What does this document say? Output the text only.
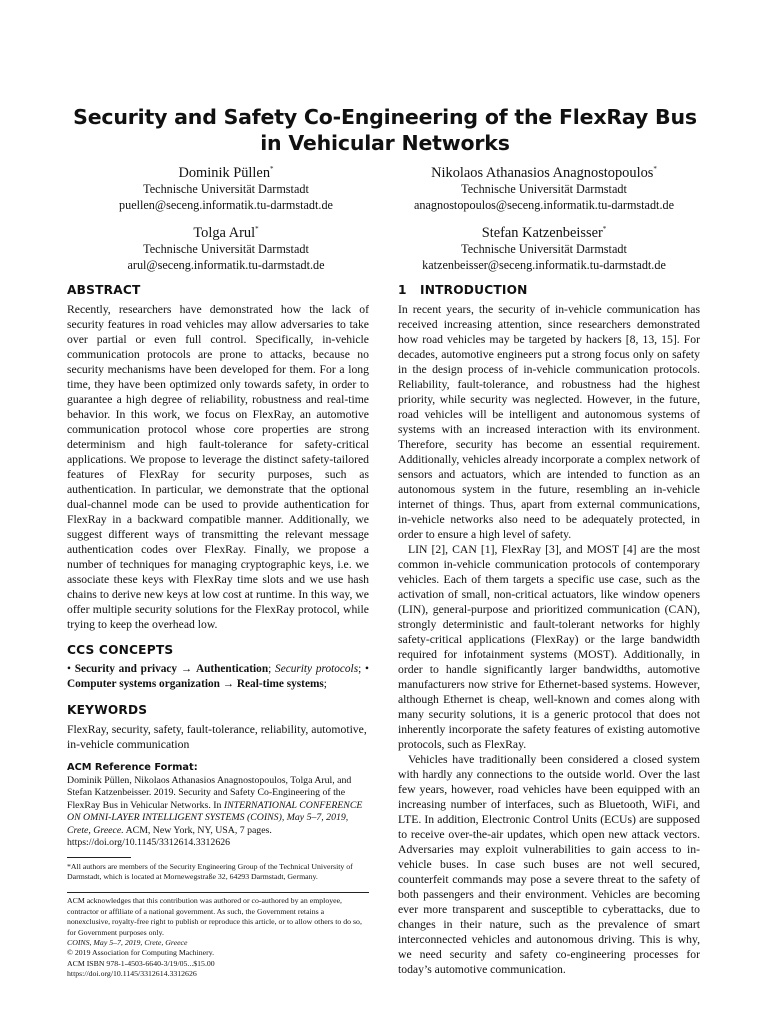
Security and Safety Co-Engineering of the FlexRay Bus in Vehicular Networks
Dominik Püllen*
Technische Universität Darmstadt
puellen@seceng.informatik.tu-darmstadt.de
Nikolaos Athanasios Anagnostopoulos*
Technische Universität Darmstadt
anagnostopoulos@seceng.informatik.tu-darmstadt.de
Tolga Arul*
Technische Universität Darmstadt
arul@seceng.informatik.tu-darmstadt.de
Stefan Katzenbeisser*
Technische Universität Darmstadt
katzenbeisser@seceng.informatik.tu-darmstadt.de
ABSTRACT

Recently, researchers have demonstrated how the lack of security features in road vehicles may allow adversaries to take over partial or even full control. Specifically, in-vehicle communication protocols are prone to attacks, because no security mechanisms have been developed for them. For a long time, they have been optimized only towards safety, in order to guarantee a high degree of reliability, robustness and real-time behavior. In this work, we focus on FlexRay, an automotive communication protocol whose core properties are strong determinism and high fault-tolerance for safety-critical applications. We propose to leverage the distinct safety-tailored features of FlexRay for security purposes, such as authentication. In particular, we demonstrate that the optional dual-channel mode can be used to provide authentication for FlexRay in a backward compatible manner. Additionally, we suggest different ways of transmitting the relevant message authentication codes over FlexRay. Finally, we propose a number of techniques for managing cryptographic keys, i.e. we associate these keys with FlexRay time slots and we use hash chains to derive new keys at low cost at runtime. In this way, we offer multiple security solutions for the FlexRay protocol, while trying to keep the overhead low.

CCS CONCEPTS

• Security and privacy → Authentication; Security protocols; • Computer systems organization → Real-time systems;

KEYWORDS

FlexRay, security, safety, fault-tolerance, reliability, automotive, in-vehicle communication

ACM Reference Format:

Dominik Püllen, Nikolaos Athanasios Anagnostopoulos, Tolga Arul, and Stefan Katzenbeisser. 2019. Security and Safety Co-Engineering of the FlexRay Bus in Vehicular Networks. In INTERNATIONAL CONFERENCE ON OMNI-LAYER INTELLIGENT SYSTEMS (COINS), May 5–7, 2019, Crete, Greece. ACM, New York, NY, USA, 7 pages. https://doi.org/10.1145/3312614.3312626

*All authors are members of the Security Engineering Group of the Technical University of Darmstadt, which is located at Mornewegstraße 32, 64293 Darmstadt, Germany.

ACM acknowledges that this contribution was authored or co-authored by an employee, contractor or affiliate of a national government. As such, the Government retains a nonexclusive, royalty-free right to publish or reproduce this article, or to allow others to do so, for Government purposes only.
COINS, May 5–7, 2019, Crete, Greece
© 2019 Association for Computing Machinery.
ACM ISBN 978-1-4503-6640-3/19/05...$15.00
https://doi.org/10.1145/3312614.3312626
1 INTRODUCTION

In recent years, the security of in-vehicle communication has received increasing attention, since researchers demonstrated how road vehicles may be targeted by hackers [8, 13, 15]. For decades, automotive engineers put a strong focus only on safety in the design process of in-vehicle communication protocols. Reliability, fault-tolerance, and robustness had the highest priority, while security was neglected. However, in the future, road vehicles will be intelligent and autonomous systems of systems with an increased interaction with its environment. Therefore, security has become an essential requirement. Additionally, vehicles already incorporate a complex network of sensors and actuators, which are intended to function as an autonomous system in the future, resembling an in-vehicle internet of things. Thus, apart from external communications, in-vehicle networks also need to be adequately protected, in order to ensure a high level of safety.

LIN [2], CAN [1], FlexRay [3], and MOST [4] are the most common in-vehicle communication protocols of contemporary vehicles. Each of them targets a specific use case, such as the activation of small, non-critical actuators, like window openers (LIN), general-purpose and prioritized communication (CAN), strongly deterministic and fault-tolerant networks for highly safety-critical applications (FlexRay) or the large bandwidth required for infotainment systems (MOST). Additionally, in order to handle significantly larger bandwidths, automotive manufacturers now strive for Ethernet-based systems. However, although Ethernet is cheap, well-known and comes along with many security solutions, it is a generic protocol that does not inherently incorporate the safety features of existing automotive protocols, such as FlexRay.

Vehicles have traditionally been considered a closed system with hardly any connections to the outside world. Over the last few years, however, road vehicles have been equipped with an increasing number of interfaces, such as Bluetooth, WiFi, and LTE. In addition, Electronic Control Units (ECUs) are supposed to receive over-the-air updates, which open new attack vectors. Adversaries may exploit vulnerabilities to gain access to in-vehicle buses. In case such buses are not well secured, counterfeit commands may pose a severe threat to the safety of both passengers and their environment. Vehicles are becoming ever more transparent and susceptible to cyberattacks, due to changes in their nature, such as the prevalence of smart interconnected vehicles and autonomous driving. This is why, we need security and safety co-engineering processes for today’s automotive communication.
